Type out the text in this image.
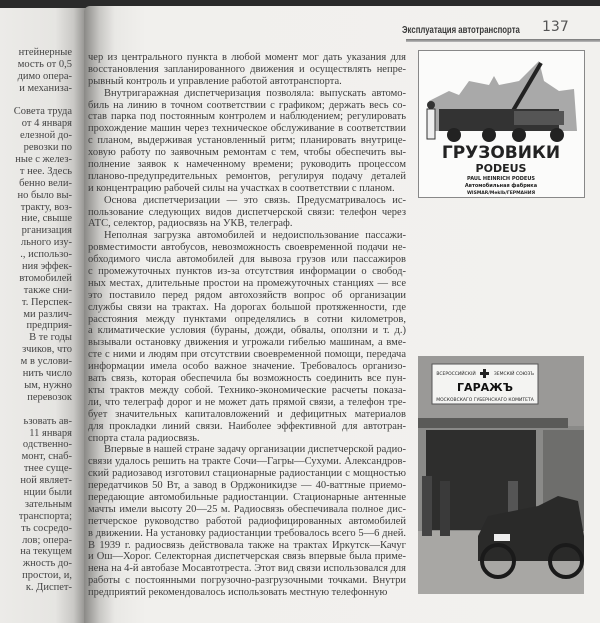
нтейнерные
мость от 0,5
димо опера-
и механиза-
Совета труда
от 4 января
елезной до-
ревозки по
ные с желез-
т нее. Здесь
бенно вели-
но было вы-
тракту, воз-
ние, свыше
рганизация
льного изу-
., использо-
ния эффек-
втомобилей
также сни-
т. Перспек-
ми различ-
предприя-
В те годы
зчиков, что
м в услови-
нить число
ым, нужно
перевозок
ьзовать ав-
11 января
одственно-
монт, снаб-
тнее суще-
ной являет-
нции были
зательным
транспорта;
ть сосредо-
лов; опера-
на текущем
жность до-
простои, и,
к. Диспет-
Эксплуатация автотранспорта 137
чер из центрального пункта в любой момент мог дать указания для
восстановления запланированного движения и осуществлять непре-
рывный контроль и управление работой автотранспорта.
Внутригаражная диспетчеризация позволяла: выпускать автомо-
биль на линию в точном соответствии с графиком; держать весь со-
став парка под постоянным контролем и наблюдением; регулировать
прохождение машин через техническое обслуживание в соответствии
с планом, выдерживая установленный ритм; планировать внутрице-
ховую работу по заявочным ремонтам с тем, чтобы обеспечить вы-
полнение заявок к намеченному времени; руководить процессом
планово-предупредительных ремонтов, регулируя подачу деталей
и концентрацию рабочей силы на участках в соответствии с планом.
Основа диспетчеризации — это связь. Предусматривалось ис-
пользование следующих видов диспетчерской связи: телефон через
АТС, селектор, радиосвязь на УКВ, телеграф.
Неполная загрузка автомобилей и недоиспользование пассажи-
ровместимости автобусов, невозможность своевременной подачи не-
обходимого числа автомобилей для вывоза грузов или пассажиров
с промежуточных пунктов из-за отсутствия информации о свобод-
ных местах, длительные простои на промежуточных станциях — все
это поставило перед рядом автохозяйств вопрос об организации
службы связи на трактах. На дорогах большой протяженности, где
расстояния между пунктами определялись в сотни километров,
а климатические условия (бураны, дожди, обвалы, оползни и т. д.)
вызывали остановку движения и угрожали гибелью машинам, а вме-
сте с ними и людям при отсутствии своевременной помощи, передача
информации имела особо важное значение. Требовалось организо-
вать связь, которая обеспечила бы возможность соединить все пун-
кты трактов между собой. Технико-экономические расчеты показа-
ли, что телеграф дорог и не может дать прямой связи, а телефон тре-
бует значительных капиталовложений и дефицитных материалов
для прокладки линий связи. Наиболее эффективной для автотран-
спорта стала радиосвязь.
Впервые в нашей стране задачу организации диспетчерской радио-
связи удалось решить на тракте Сочи—Гагры—Сухуми. Александров-
ский радиозавод изготовил стационарные радиостанции с мощностью
передатчиков 50 Вт, а завод в Орджоникидзе — 40-ваттные приемо-
передающие автомобильные радиостанции. Стационарные антенные
мачты имели высоту 20—25 м. Радиосвязь обеспечивала полное дис-
петчерское руководство работой радиофицированных автомобилей
в движении. На установку радиостанции требовалось всего 5—6 дней.
В 1939 г. радиосвязь действовала также на трактах Иркутск—Качуг
и Ош—Хорог. Селекторная диспетчерская связь впервые была приме-
нена на 4-й автобазе Мосавтотреста. Этот вид связи использовался для
работы с постоянными погрузочно-разгрузочными точками. Внутри
предприятий рекомендовалось использовать местную телефонную
ГРУЗОВИКИ
PODEUS
PAUL HEINRICH PODEUS
Автомобильная фабрика
WISMAR/Meklb/ГЕРМАНИЯ
ВСЕРОССИЙСКІЙ	ЗЕМСКІЙ СОЮЗЪ
ГАРАЖЪ
МОСКОВСКАГО ГУБЕРНСКАГО КОМИТЕТА
